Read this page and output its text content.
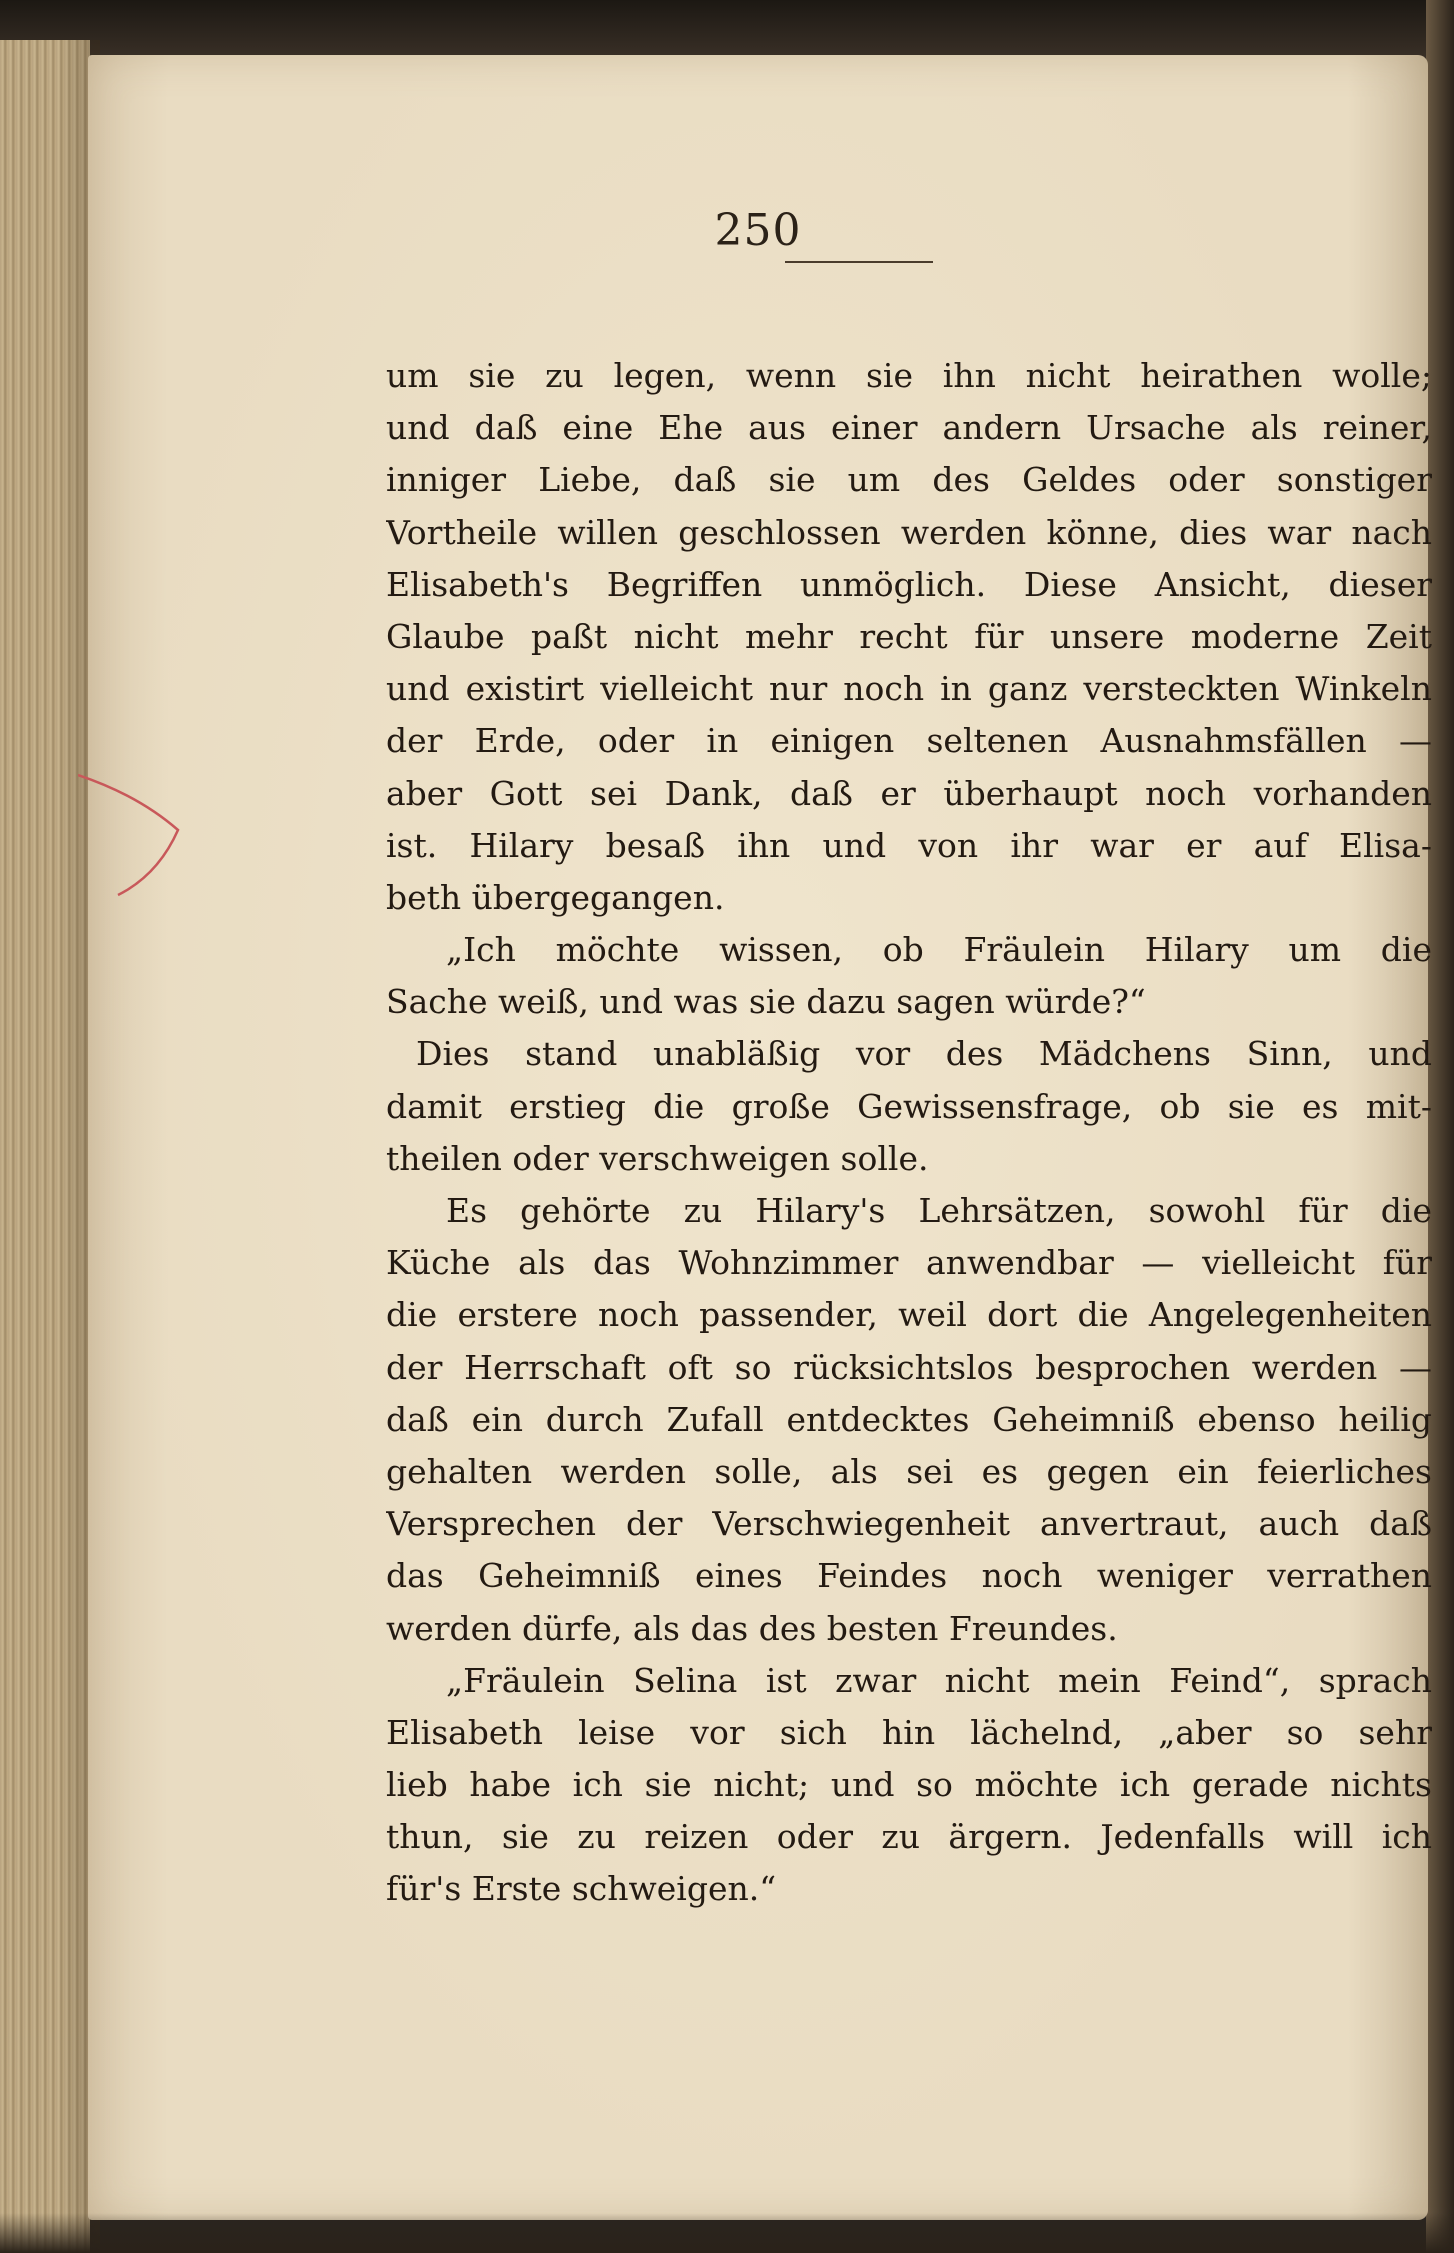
250
um sie zu legen, wenn sie ihn nicht heirathen wolle;
und daß eine Ehe aus einer andern Ursache als reiner,
inniger Liebe, daß sie um des Geldes oder sonstiger
Vortheile willen geschlossen werden könne, dies war nach
Elisabeth's Begriffen unmöglich. Diese Ansicht, dieser
Glaube paßt nicht mehr recht für unsere moderne Zeit
und existirt vielleicht nur noch in ganz versteckten Winkeln
der Erde, oder in einigen seltenen Ausnahmsfällen —
aber Gott sei Dank, daß er überhaupt noch vorhanden
ist. Hilary besaß ihn und von ihr war er auf Elisa-
beth übergegangen.
„Ich möchte wissen, ob Fräulein Hilary um die
Sache weiß, und was sie dazu sagen würde?“
Dies stand unabläßig vor des Mädchens Sinn, und
damit erstieg die große Gewissensfrage, ob sie es mit-
theilen oder verschweigen solle.
Es gehörte zu Hilary's Lehrsätzen, sowohl für die
Küche als das Wohnzimmer anwendbar — vielleicht für
die erstere noch passender, weil dort die Angelegenheiten
der Herrschaft oft so rücksichtslos besprochen werden —
daß ein durch Zufall entdecktes Geheimniß ebenso heilig
gehalten werden solle, als sei es gegen ein feierliches
Versprechen der Verschwiegenheit anvertraut, auch daß
das Geheimniß eines Feindes noch weniger verrathen
werden dürfe, als das des besten Freundes.
„Fräulein Selina ist zwar nicht mein Feind“, sprach
Elisabeth leise vor sich hin lächelnd, „aber so sehr
lieb habe ich sie nicht; und so möchte ich gerade nichts
thun, sie zu reizen oder zu ärgern. Jedenfalls will ich
für's Erste schweigen.“
